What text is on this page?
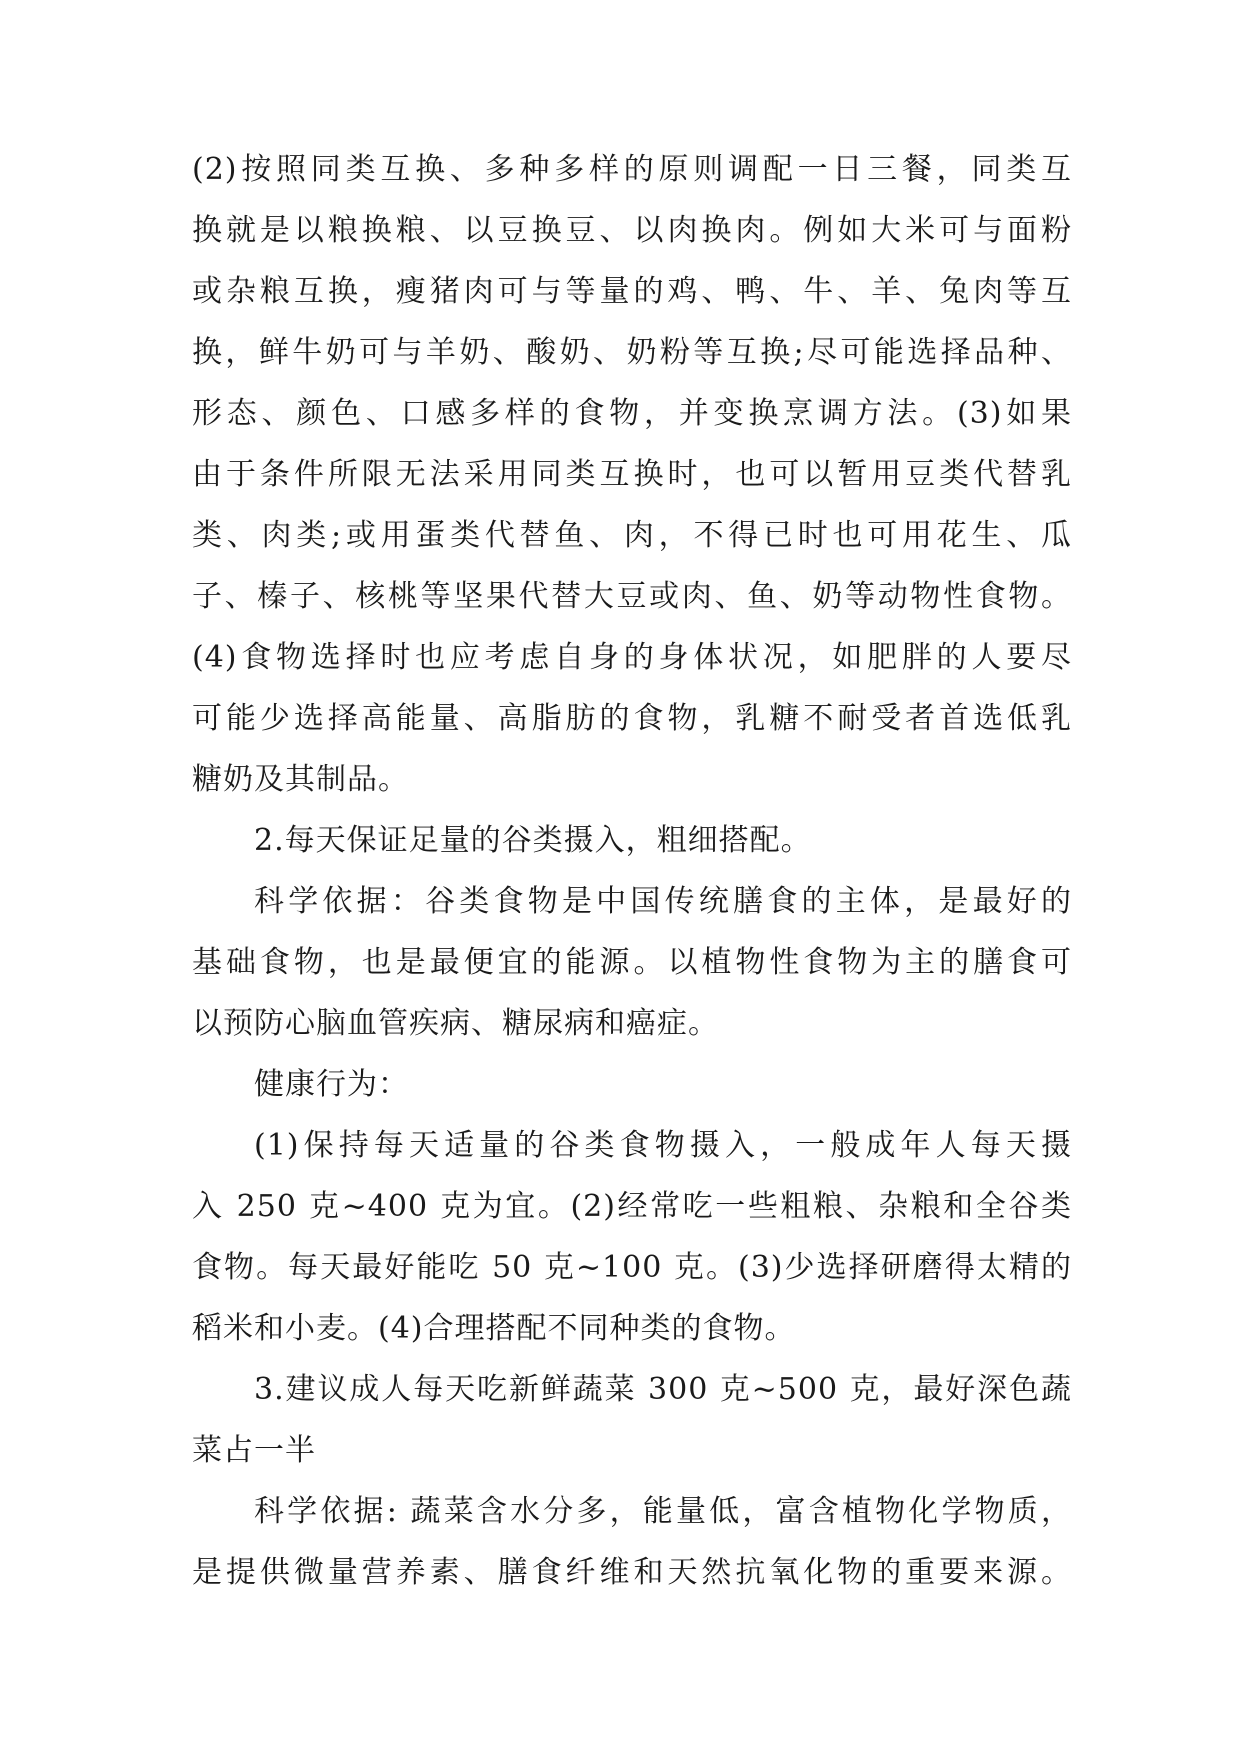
(2)按照同类互换、多种多样的原则调配一日三餐，同类互
换就是以粮换粮、以豆换豆、以肉换肉。例如大米可与面粉
或杂粮互换，瘦猪肉可与等量的鸡、鸭、牛、羊、兔肉等互
换，鲜牛奶可与羊奶、酸奶、奶粉等互换;尽可能选择品种、
形态、颜色、口感多样的食物，并变换烹调方法。(3)如果
由于条件所限无法采用同类互换时，也可以暂用豆类代替乳
类、肉类;或用蛋类代替鱼、肉，不得已时也可用花生、瓜
子、榛子、核桃等坚果代替大豆或肉、鱼、奶等动物性食物。
(4)食物选择时也应考虑自身的身体状况，如肥胖的人要尽
可能少选择高能量、高脂肪的食物，乳糖不耐受者首选低乳
糖奶及其制品。
2.每天保证足量的谷类摄入，粗细搭配。
科学依据：谷类食物是中国传统膳食的主体，是最好的
基础食物，也是最便宜的能源。以植物性食物为主的膳食可
以预防心脑血管疾病、糖尿病和癌症。
健康行为：
(1)保持每天适量的谷类食物摄入，一般成年人每天摄
入 250 克~400 克为宜。(2)经常吃一些粗粮、杂粮和全谷类
食物。每天最好能吃 50 克~100 克。(3)少选择研磨得太精的
稻米和小麦。(4)合理搭配不同种类的食物。
3.建议成人每天吃新鲜蔬菜 300 克~500 克，最好深色蔬
菜占一半
科学依据: 蔬菜含水分多，能量低，富含植物化学物质，
是提供微量营养素、膳食纤维和天然抗氧化物的重要来源。
